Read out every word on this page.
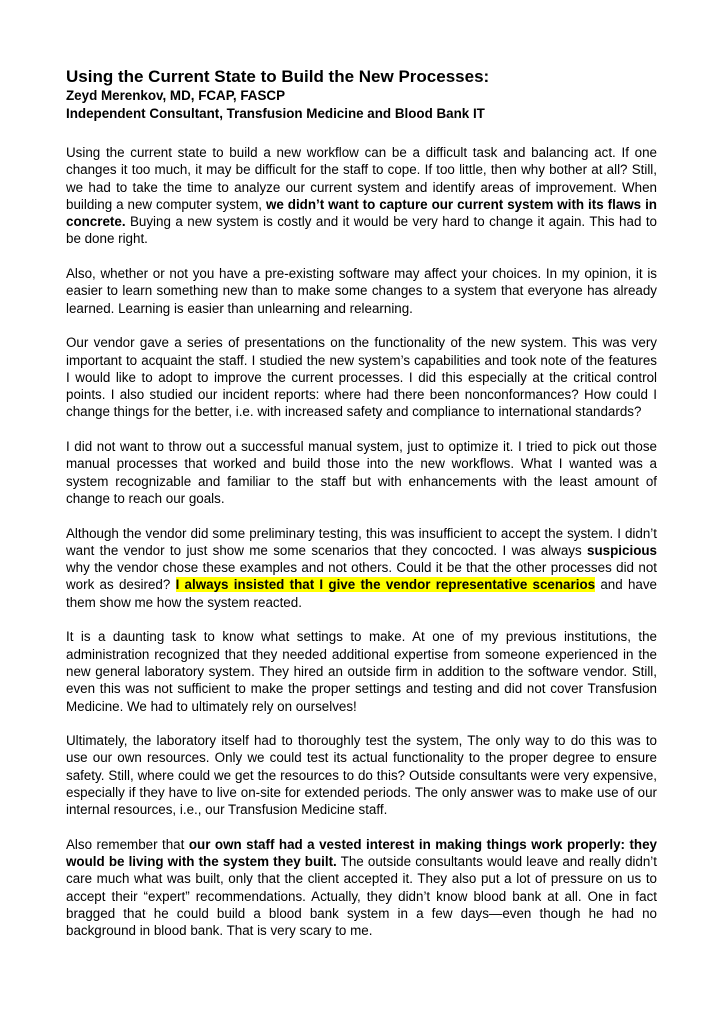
Using the Current State to Build the New Processes:

Zeyd Merenkov, MD, FCAP, FASCP

Independent Consultant, Transfusion Medicine and Blood Bank IT

Using the current state to build a new workflow can be a difficult task and balancing act. If one changes it too much, it may be difficult for the staff to cope. If too little, then why bother at all? Still, we had to take the time to analyze our current system and identify areas of improvement. When building a new computer system, we didn’t want to capture our current system with its flaws in concrete. Buying a new system is costly and it would be very hard to change it again. This had to be done right.

Also, whether or not you have a pre-existing software may affect your choices. In my opinion, it is easier to learn something new than to make some changes to a system that everyone has already learned. Learning is easier than unlearning and relearning.

Our vendor gave a series of presentations on the functionality of the new system. This was very important to acquaint the staff. I studied the new system’s capabilities and took note of the features I would like to adopt to improve the current processes. I did this especially at the critical control points. I also studied our incident reports: where had there been nonconformances? How could I change things for the better, i.e. with increased safety and compliance to international standards?

I did not want to throw out a successful manual system, just to optimize it. I tried to pick out those manual processes that worked and build those into the new workflows. What I wanted was a system recognizable and familiar to the staff but with enhancements with the least amount of change to reach our goals.

Although the vendor did some preliminary testing, this was insufficient to accept the system. I didn’t want the vendor to just show me some scenarios that they concocted. I was always suspicious why the vendor chose these examples and not others. Could it be that the other processes did not work as desired? I always insisted that I give the vendor representative scenarios and have them show me how the system reacted.

It is a daunting task to know what settings to make. At one of my previous institutions, the administration recognized that they needed additional expertise from someone experienced in the new general laboratory system. They hired an outside firm in addition to the software vendor. Still, even this was not sufficient to make the proper settings and testing and did not cover Transfusion Medicine. We had to ultimately rely on ourselves!

Ultimately, the laboratory itself had to thoroughly test the system, The only way to do this was to use our own resources. Only we could test its actual functionality to the proper degree to ensure safety. Still, where could we get the resources to do this? Outside consultants were very expensive, especially if they have to live on-site for extended periods. The only answer was to make use of our internal resources, i.e., our Transfusion Medicine staff.

Also remember that our own staff had a vested interest in making things work properly: they would be living with the system they built. The outside consultants would leave and really didn’t care much what was built, only that the client accepted it. They also put a lot of pressure on us to accept their “expert” recommendations. Actually, they didn’t know blood bank at all. One in fact bragged that he could build a blood bank system in a few days—even though he had no background in blood bank. That is very scary to me.
